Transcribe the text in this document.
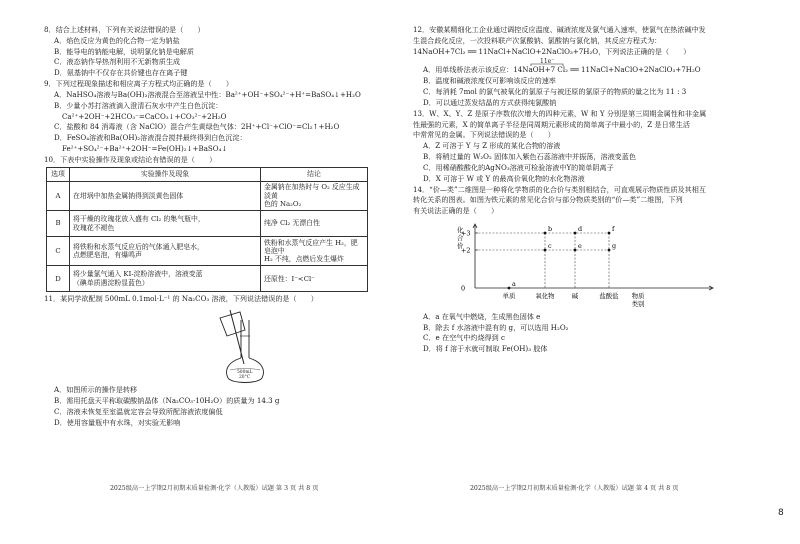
8．结合上述材料，下列有关说法错误的是（　　）

A．焰色反应为黄色的化合物一定为钠盐

B．能导电的钠能电解，说明氯化钠是电解质

C．液态钠作导热剂利用不无新物质生成

D．氨基钠中不仅存在共价键也存在离子键

9．下列过程现象描述和相应离子方程式均正确的是（　　）

A．NaHSO₄溶液与Ba(OH)₂溶液混合至溶液呈中性：Ba²⁺+OH⁻+SO₄²⁻+H⁺=BaSO₄↓+H₂O

B．少量小苏打溶液滴入澄清石灰水中产生白色沉淀：

Ca²⁺+2OH⁻+2HCO₃⁻=CaCO₃↓+CO₃²⁻+2H₂O

C．盐酸和 84 消毒液（含 NaClO）混合产生黄绿色气体：2H⁺+Cl⁻+ClO⁻=Cl₂↑+H₂O

D．FeSO₄溶液和Ba(OH)₂溶液混合搅拌最终得到白色沉淀：

Fe²⁺+SO₄²⁻+Ba²⁺+2OH⁻=Fe(OH)₂↓+BaSO₄↓

10．下表中实验操作及现象或结论有错误的是（　　）

选项	实验操作及现象	结论
A	在坩埚中加热金属钠得到淡黄色固体	金属钠在加热时与 O₂ 反应生成淡黄
色的 Na₂O₂
B	将干燥的玫瑰花放入盛有 Cl₂ 的集气瓶中，
玫瑰花不褪色	纯净 Cl₂ 无漂白性
C	将铁粉和水蒸气反应后的气体通入肥皂水，
点燃肥皂泡，有爆鸣声	铁粉和水蒸气反应产生 H₂，肥皂泡中
H₂ 不纯，点燃后发生爆炸
D	将少量氯气通入 KI-淀粉溶液中，溶液变蓝
（碘单质遇淀粉显蓝色）	还原性：I⁻<Cl⁻

11．某同学欲配制 500mL 0.1mol·L⁻¹ 的 Na₂CO₃ 溶液，下列说法错误的是（　　）

500mL
20°C

A．如图所示的操作是转移

B．需用托盘天平称取碳酸钠晶体（Na₂CO₃·10H₂O）的质量为 14.3 g

C．溶液未恢复至室温就定容会导致所配溶液浓度偏低

D．使用容量瓶中有水珠，对实验无影响

2025级高一上学期2月初期末质量检测·化学（人教版）试题 第 3 页 共 8 页

12．安徽某精细化工企业通过调控反应温度、碱液浓度及氯气通入速率，使氯气在热浓碱中发

生混合歧化反应，一次投料联产次氯酸钠、氯酸钠与氯化钠，其反应方程式为：

14NaOH+7Cl₂ ══ 11NaCl+NaClO+2NaClO₃+7H₂O，下列说法正确的是（　　）

11e⁻

A．用单线桥法表示该反应：14NaOH+7 Cl₂ ══ 11NaCl+NaClO+2NaClO₃+7H₂O

B．温度和碱液浓度仅可影响该反应的速率

C．每消耗 7mol 的氯气被氧化的氯原子与被还原的氯原子的物质的量之比为 11 : 3

D．可以通过蒸发结晶的方式获得纯氯酸钠

13．W、X、Y、Z 是原子序数依次增大的四种元素，W 和 Y 分别是第三周期金属性和非金属

性最强的元素，X 的简单离子半径是同周期元素形成的简单离子中最小的，Z 是日常生活

中常常见的金属。下列说法错误的是（　　）

A．Z 可溶于 Y 与 Z 形成的某化合物的溶液

B．将稍过量的 W₂O₂ 固体加入紫色石蕊溶液中并振荡，溶液变蓝色

C．用稀硝酸酸化的AgNO₃溶液可检验溶液中Y的简单阴离子

D．X 可溶于 W 或 Y 的最高价氧化物的水化物溶液

14．“价—类”二维图是一种将化学物质的化合价与类别相结合，可直观展示物质性质及其相互

转化关系的图表。如图为铁元素的常见化合价与部分物质类别的“价—类”二维图，下列

有关说法正确的是（　　）

化
合
价
0
+2
+3
单质	氧化物	碱	盐酸盐 物质
类别
a
b
c
d
e
f
g

A．a 在氧气中燃烧，生成黑色固体 e

B．除去 f 水溶液中混有的 g，可以选用 H₂O₂

C．e 在空气中灼烧得到 c

D．将 f 溶于水就可制取 Fe(OH)₃ 胶体

2025级高一上学期2月初期末质量检测·化学（人教版）试题 第 4 页 共 8 页
8
